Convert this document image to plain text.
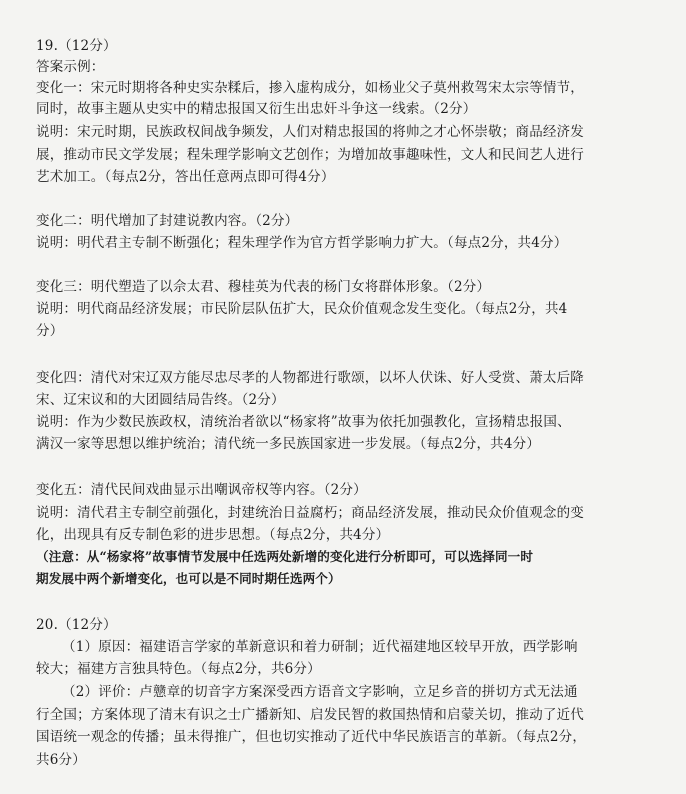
19.（12分）
答案示例：
变化一：宋元时期将各种史实杂糅后，掺入虚构成分，如杨业父子莫州救驾宋太宗等情节，
同时，故事主题从史实中的精忠报国又衍生出忠奸斗争这一线索。（2分）
说明：宋元时期，民族政权间战争频发，人们对精忠报国的将帅之才心怀崇敬；商品经济发
展，推动市民文学发展；程朱理学影响文艺创作；为增加故事趣味性，文人和民间艺人进行
艺术加工。（每点2分，答出任意两点即可得4分）
变化二：明代增加了封建说教内容。（2分）
说明：明代君主专制不断强化；程朱理学作为官方哲学影响力扩大。（每点2分，共4分）
变化三：明代塑造了以佘太君、穆桂英为代表的杨门女将群体形象。（2分）
说明：明代商品经济发展；市民阶层队伍扩大，民众价值观念发生变化。（每点2分，共4
分）
变化四：清代对宋辽双方能尽忠尽孝的人物都进行歌颂，以坏人伏诛、好人受赏、萧太后降
宋、辽宋议和的大团圆结局告终。（2分）
说明：作为少数民族政权，清统治者欲以“杨家将”故事为依托加强教化，宣扬精忠报国、
满汉一家等思想以维护统治；清代统一多民族国家进一步发展。（每点2分，共4分）
变化五：清代民间戏曲显示出嘲讽帝权等内容。（2分）
说明：清代君主专制空前强化，封建统治日益腐朽；商品经济发展，推动民众价值观念的变
化，出现具有反专制色彩的进步思想。（每点2分，共4分）
（注意：从“杨家将”故事情节发展中任选两处新增的变化进行分析即可，可以选择同一时
期发展中两个新增变化，也可以是不同时期任选两个）
20.（12分）
（1）原因：福建语言学家的革新意识和着力研制；近代福建地区较早开放，西学影响
较大；福建方言独具特色。（每点2分，共6分）
（2）评价：卢戆章的切音字方案深受西方语音文字影响，立足乡音的拼切方式无法通
行全国；方案体现了清末有识之士广播新知、启发民智的救国热情和启蒙关切，推动了近代
国语统一观念的传播；虽未得推广，但也切实推动了近代中华民族语言的革新。（每点2分，
共6分）
